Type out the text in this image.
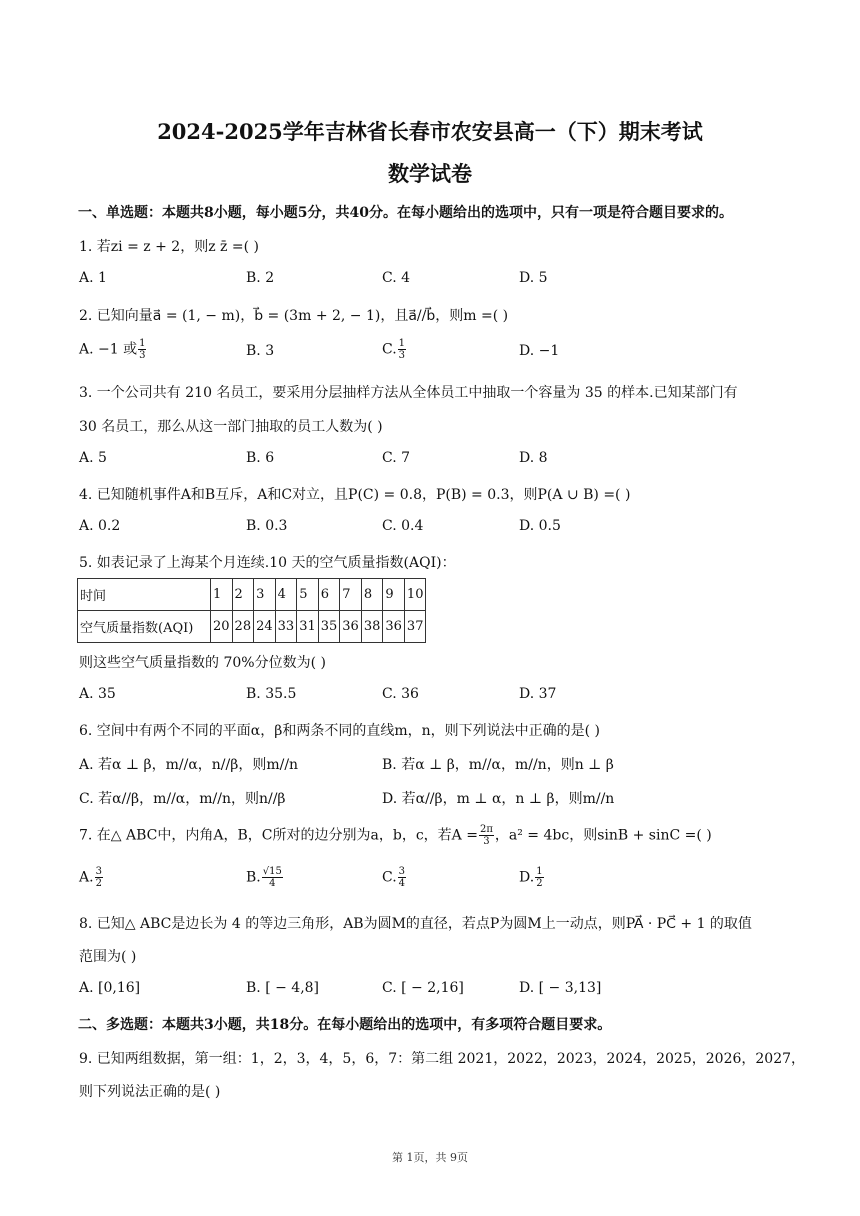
2024-2025学年吉林省长春市农安县高一（下）期末考试
数学试卷
一、单选题：本题共8小题，每小题5分，共40分。在每小题给出的选项中，只有一项是符合题目要求的。
1. 若zi = z + 2，则z z̄ =( )
A. 1	B. 2	C. 4	D. 5
2. 已知向量a⃗ = (1, − m)，b⃗ = (3m + 2, − 1)，且a⃗//b⃗，则m =( )
A. −1 或 $\frac{1}{3}$	B. 3	C. $\frac{1}{3}$	D. −1
3. 一个公司共有 210 名员工，要采用分层抽样方法从全体员工中抽取一个容量为 35 的样本.已知某部门有
30 名员工，那么从这一部门抽取的员工人数为( )
A. 5	B. 6	C. 7	D. 8
4. 已知随机事件A和B互斥，A和C对立，且P(C) = 0.8，P(B) = 0.3，则P(A ∪ B) =( )
A. 0.2	B. 0.3	C. 0.4	D. 0.5
5. 如表记录了上海某个月连续.10 天的空气质量指数(AQI)：
时间	1	2	3	4	5	6	7	8	9	10
空气质量指数(AQI)	20	28	24	33	31	35	36	38	36	37
则这些空气质量指数的 70%分位数为( )
A. 35	B. 35.5	C. 36	D. 37
6. 空间中有两个不同的平面α，β和两条不同的直线m，n，则下列说法中正确的是( )
A. 若α ⊥ β，m//α，n//β，则m//n	B. 若α ⊥ β，m//α，m//n，则n ⊥ β
C. 若α//β，m//α，m//n，则n//β	D. 若α//β，m ⊥ α，n ⊥ β，则m//n
7. 在△ ABC中，内角A，B，C所对的边分别为a，b，c，若$A = \frac{2\pi}{3}$ ，a² = 4bc，则sinB + sinC =( )
A. $\frac{3}{2}$	B. $\frac{√15}{4}$	C. $\frac{3}{4}$	D. $\frac{1}{2}$
8. 已知△ ABC是边长为 4 的等边三角形，AB为圆M的直径，若点P为圆M上一动点，则PA⃗ · PC⃗ + 1 的取值
范围为( )
A. [0,16]	B. [ − 4,8]	C. [ − 2,16]	D. [ − 3,13]
二、多选题：本题共3小题，共18分。在每小题给出的选项中，有多项符合题目要求。
9. 已知两组数据，第一组：1，2，3，4，5，6，7：第二组 2021，2022，2023，2024，2025，2026，2027，
则下列说法正确的是( )
第 1页，共 9页
